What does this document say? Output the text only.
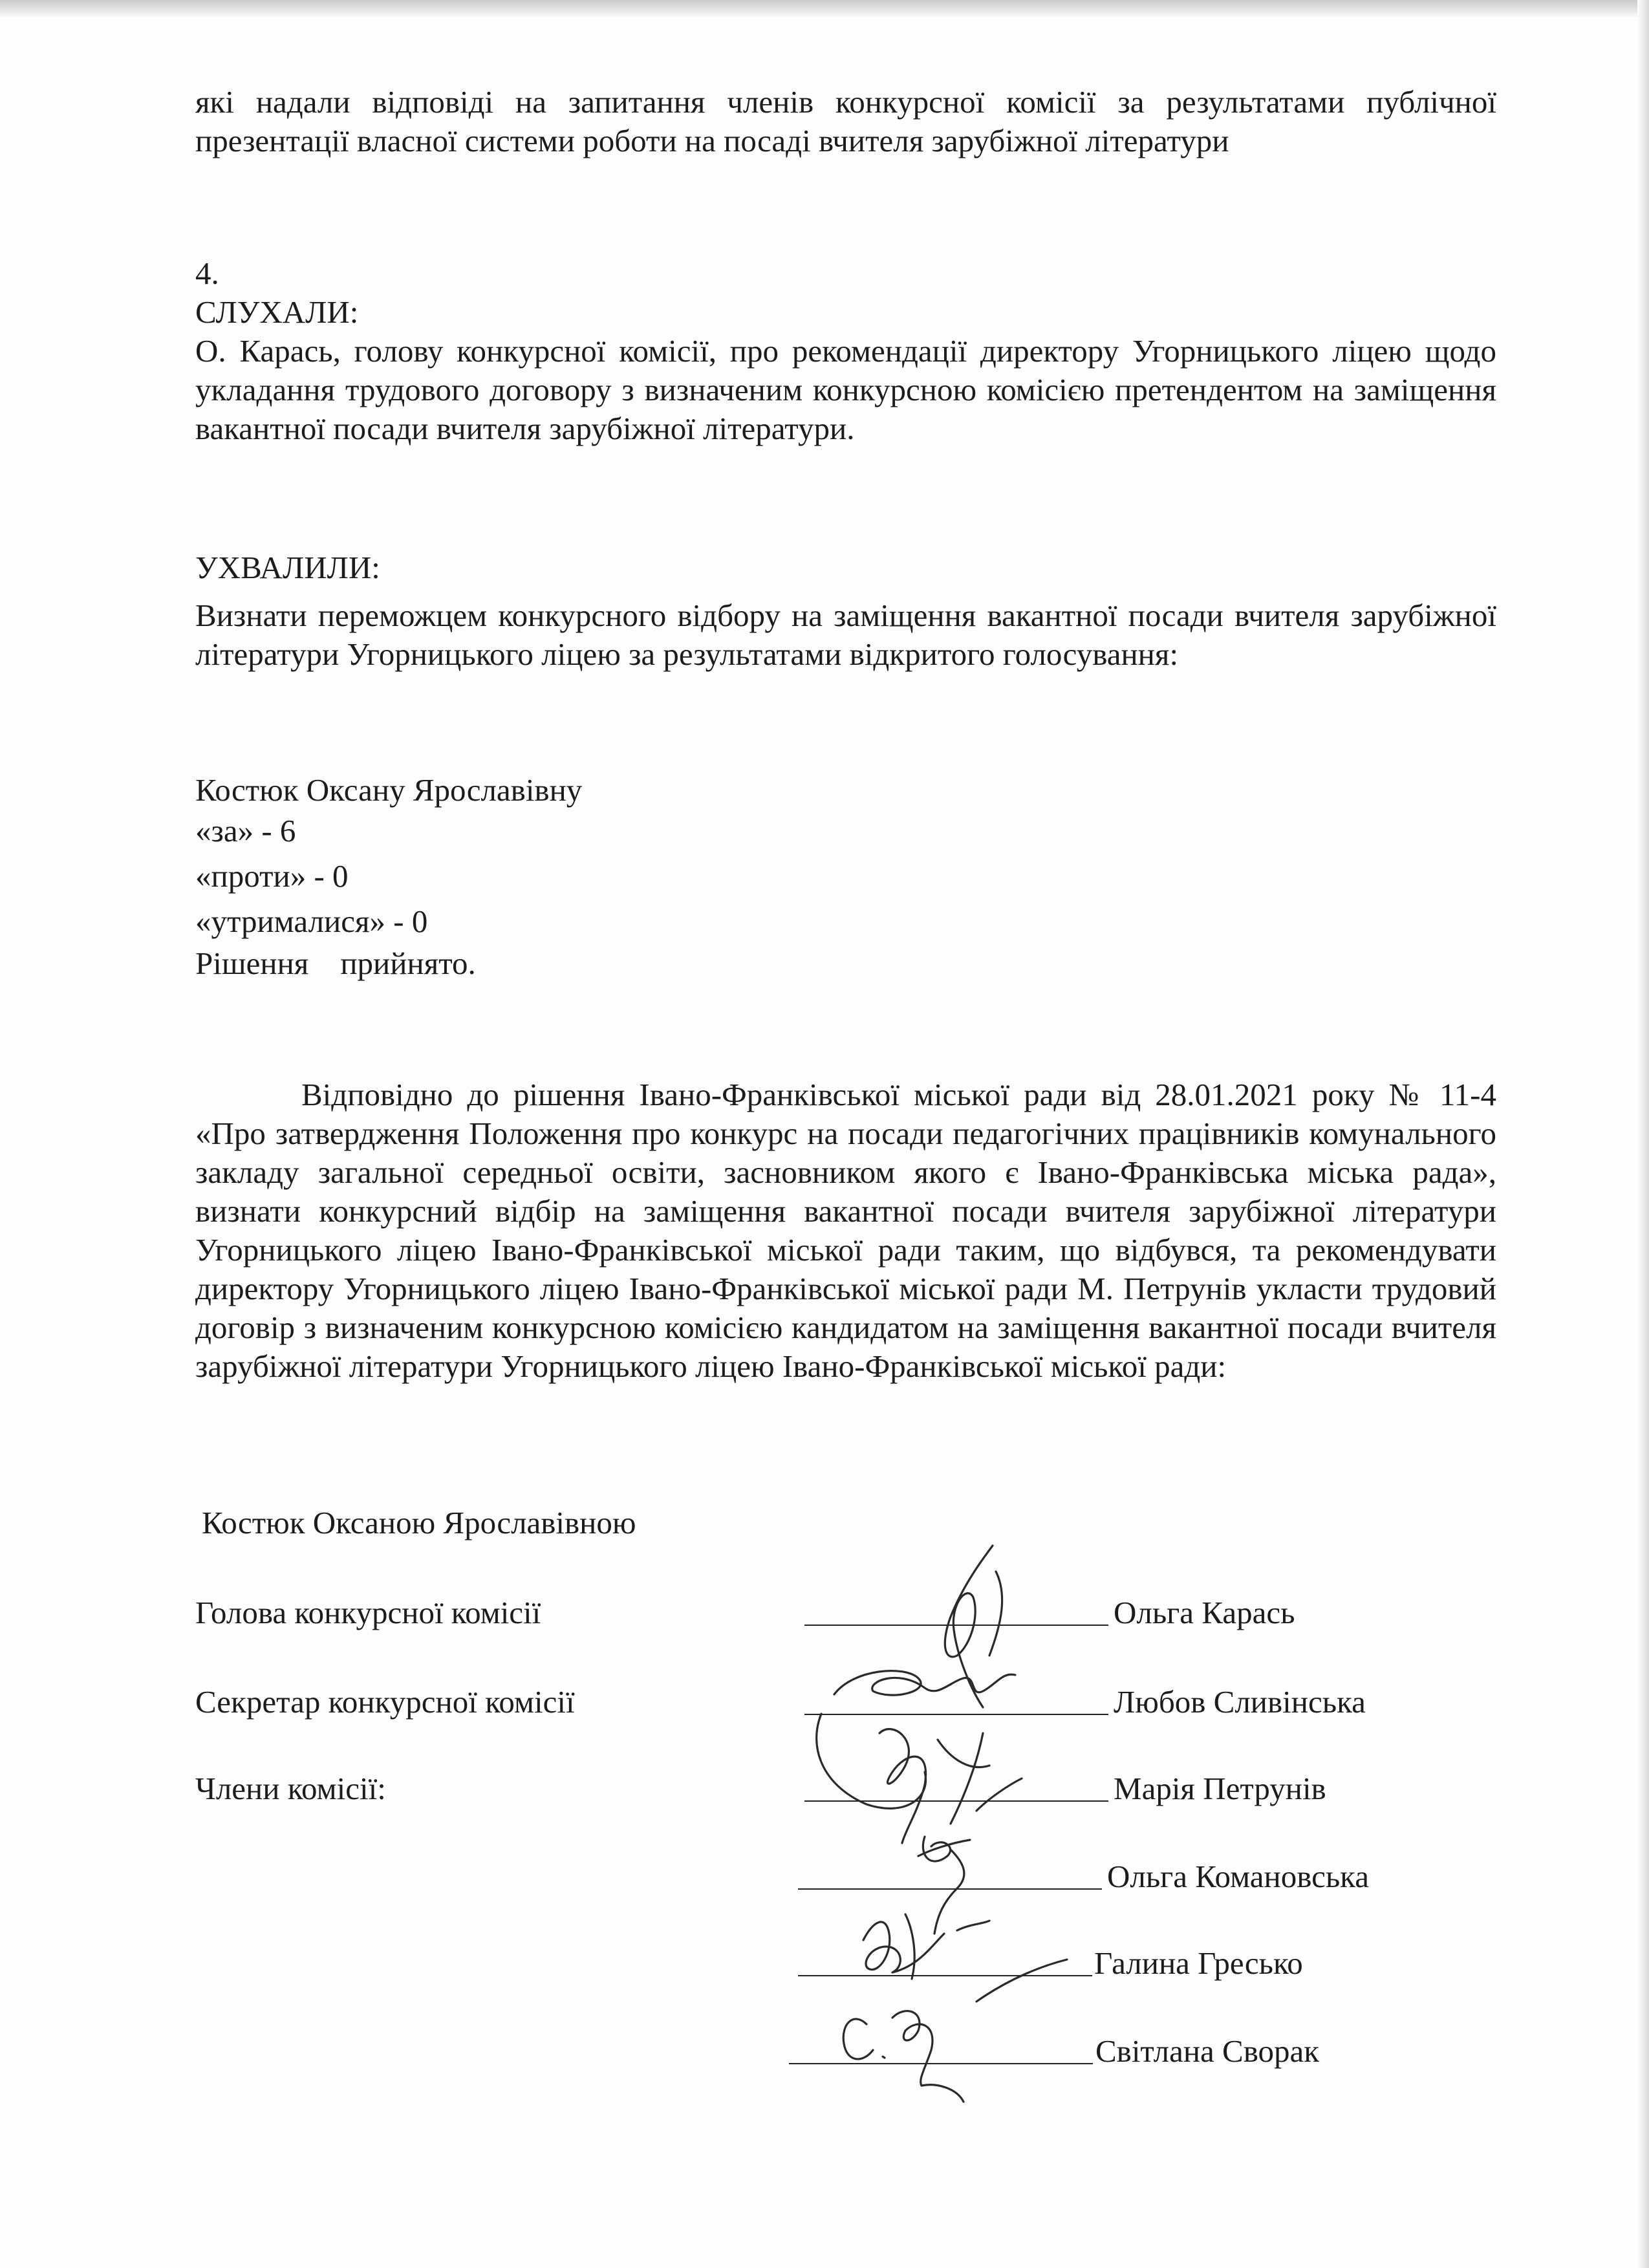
які надали відповіді на запитання членів конкурсної комісії за результатами публічної презентації власної системи роботи на посаді вчителя зарубіжної літератури
4.
СЛУХАЛИ:
О. Карась, голову конкурсної комісії, про рекомендації директору Угорницького ліцею щодо укладання трудового договору з визначеним конкурсною комісією претендентом на заміщення вакантної посади вчителя зарубіжної літератури.
УХВАЛИЛИ:
Визнати переможцем конкурсного відбору на заміщення вакантної посади вчителя зарубіжної літератури Угорницького ліцею за результатами відкритого голосування:
Костюк Оксану Ярославівну
«за» - 6
«проти» - 0
«утрималися» - 0
Рішення    прийнято.
Відповідно до рішення Івано-Франківської міської ради від 28.01.2021 року № 11-4 «Про затвердження Положення про конкурс на посади педагогічних працівників комунального закладу загальної середньої освіти, засновником якого є Івано-Франківська міська рада», визнати конкурсний відбір на заміщення вакантної посади вчителя зарубіжної літератури Угорницького ліцею Івано-Франківської міської ради таким, що відбувся, та рекомендувати директору Угорницького ліцею Івано-Франківської міської ради М. Петрунів укласти трудовий договір з визначеним конкурсною комісією кандидатом на заміщення вакантної посади вчителя зарубіжної літератури Угорницького ліцею Івано-Франківської міської ради:
Костюк Оксаною Ярославівною
Голова конкурсної комісії	Ольга Карась
Секретар конкурсної комісії	Любов Сливінська
Члени комісії:	Марія Петрунів
Ольга Комановська
Галина Гресько
Світлана Сворак
